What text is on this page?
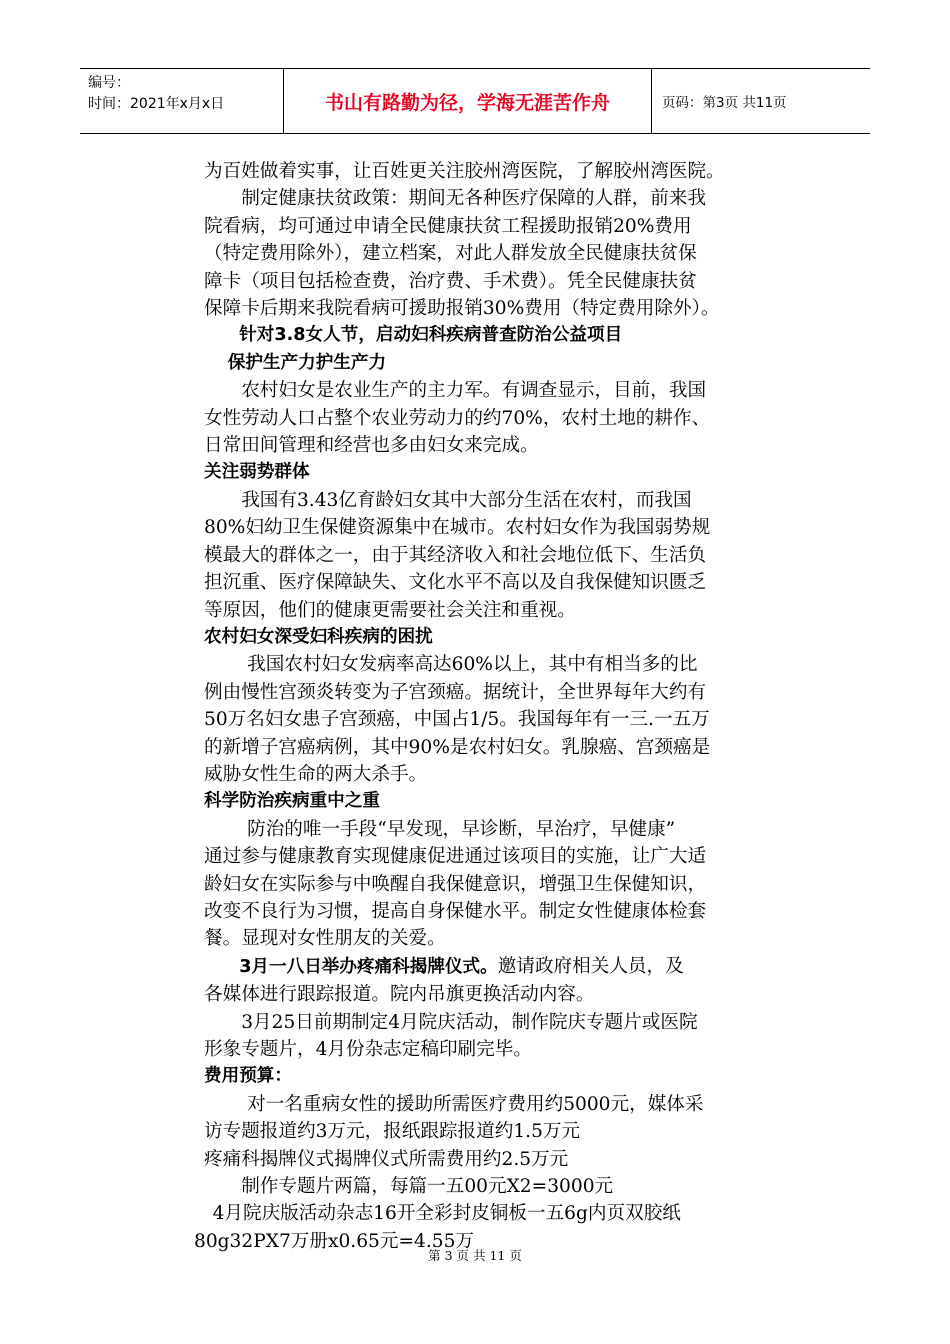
编号：
时间：2021年x月x日	书山有路勤为径，学海无涯苦作舟	页码：第3页 共11页

为百姓做着实事，让百姓更关注胶州湾医院，了解胶州湾医院。

　　制定健康扶贫政策：期间无各种医疗保障的人群，前来我

院看病，均可通过申请全民健康扶贫工程援助报销20%费用

（特定费用除外），建立档案，对此人群发放全民健康扶贫保

障卡（项目包括检查费，治疗费、手术费）。凭全民健康扶贫

保障卡后期来我院看病可援助报销30%费用（特定费用除外）。

　　针对3.8女人节，启动妇科疾病普查防治公益项目

　 保护生产力护生产力

　　农村妇女是农业生产的主力军。有调查显示，目前，我国

女性劳动人口占整个农业劳动力的约70%，农村土地的耕作、

日常田间管理和经营也多由妇女来完成。

关注弱势群体

　　我国有3.43亿育龄妇女其中大部分生活在农村，而我国

80%妇幼卫生保健资源集中在城市。农村妇女作为我国弱势规

模最大的群体之一，由于其经济收入和社会地位低下、生活负

担沉重、医疗保障缺失、文化水平不高以及自我保健知识匮乏

等原因，他们的健康更需要社会关注和重视。

农村妇女深受妇科疾病的困扰

　　 我国农村妇女发病率高达60%以上，其中有相当多的比

例由慢性宫颈炎转变为子宫颈癌。据统计，全世界每年大约有

50万名妇女患子宫颈癌，中国占1/5。我国每年有一三.一五万

的新增子宫癌病例，其中90%是农村妇女。乳腺癌、宫颈癌是

威胁女性生命的两大杀手。

科学防治疾病重中之重

　　 防治的唯一手段“早发现，早诊断，早治疗，早健康”

通过参与健康教育实现健康促进通过该项目的实施，让广大适

龄妇女在实际参与中唤醒自我保健意识，增强卫生保健知识，

改变不良行为习惯，提高自身保健水平。制定女性健康体检套

餐。显现对女性朋友的关爱。

　　3月一八日举办疼痛科揭牌仪式。邀请政府相关人员，及

各媒体进行跟踪报道。院内吊旗更换活动内容。

　　3月25日前期制定4月院庆活动，制作院庆专题片或医院

形象专题片，4月份杂志定稿印刷完毕。

费用预算：

　　 对一名重病女性的援助所需医疗费用约5000元，媒体采

访专题报道约3万元，报纸跟踪报道约1.5万元

疼痛科揭牌仪式揭牌仪式所需费用约2.5万元

　　制作专题片两篇，每篇一五00元X2=3000元

　4月院庆版活动杂志16开全彩封皮铜板一五6g内页双胶纸

80g32PX7万册x0.65元=4.55万

第 3 页 共 11 页
